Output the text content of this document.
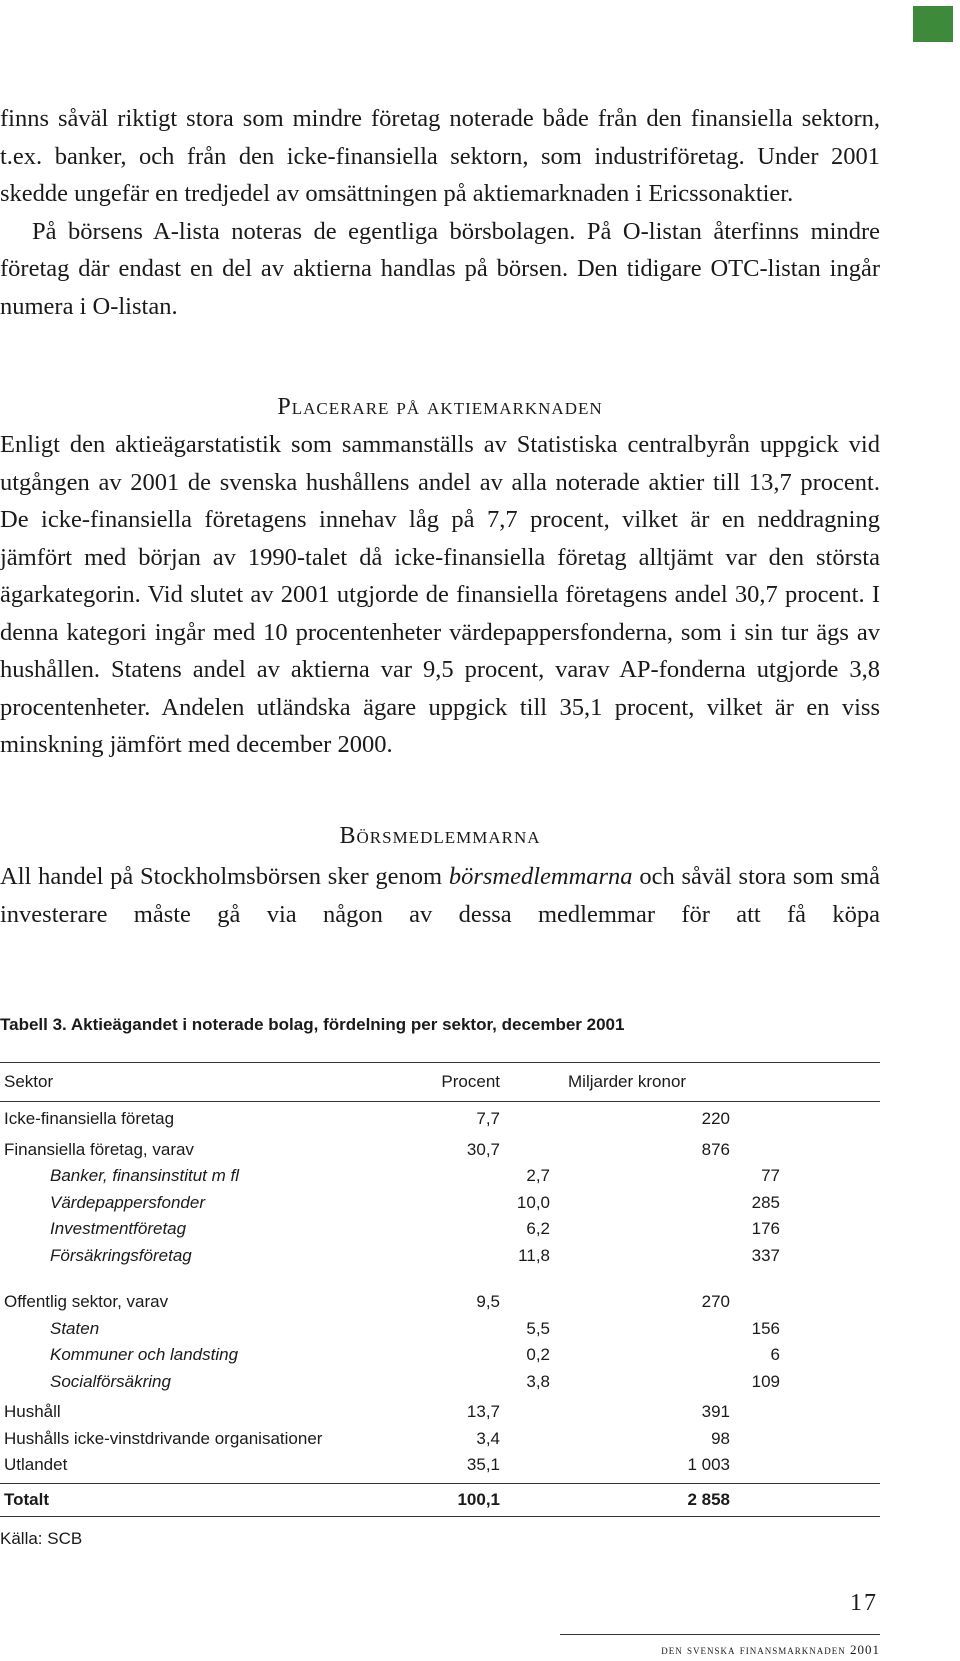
finns såväl riktigt stora som mindre företag noterade både från den finansiella sektorn, t.ex. banker, och från den icke-finansiella sektorn, som industriföretag. Under 2001 skedde ungefär en tredjedel av omsättningen på aktiemarknaden i Ericssonaktier.

På börsens A-lista noteras de egentliga börsbolagen. På O-listan återfinns mindre företag där endast en del av aktierna handlas på börsen. Den tidigare OTC-listan ingår numera i O-listan.

Placerare på aktiemarknaden

Enligt den aktieägarstatistik som sammanställs av Statistiska centralbyrån uppgick vid utgången av 2001 de svenska hushållens andel av alla noterade aktier till 13,7 procent. De icke-finansiella företagens innehav låg på 7,7 procent, vilket är en neddragning jämfört med början av 1990-talet då icke-finansiella företag alltjämt var den största ägarkategorin. Vid slutet av 2001 utgjorde de finansiella företagens andel 30,7 procent. I denna kategori ingår med 10 procentenheter värdepappersfonderna, som i sin tur ägs av hushållen. Statens andel av aktierna var 9,5 procent, varav AP-fonderna utgjorde 3,8 procentenheter. Andelen utländska ägare uppgick till 35,1 procent, vilket är en viss minskning jämfört med december 2000.

Börsmedlemmarna

All handel på Stockholmsbörsen sker genom börsmedlemmarna och såväl stora som små investerare måste gå via någon av dessa medlemmar för att få köpa

Tabell 3. Aktieägandet i noterade bolag, fördelning per sektor, december 2001

Sektor	Procent	Miljarder kronor
Icke-finansiella företag	7,7	220
Finansiella företag, varav	30,7	876
Banker, finansinstitut m fl	2,7	77
Värdepappersfonder	10,0	285
Investmentföretag	6,2	176
Försäkringsföretag	11,8	337
Offentlig sektor, varav	9,5	270
Staten	5,5	156
Kommuner och landsting	0,2	6
Socialförsäkring	3,8	109
Hushåll	13,7	391
Hushålls icke-vinstdrivande organisationer	3,4	98
Utlandet	35,1	1 003
Totalt	100,1	2 858
Källa: SCB
17
den svenska finansmarknaden 2001
